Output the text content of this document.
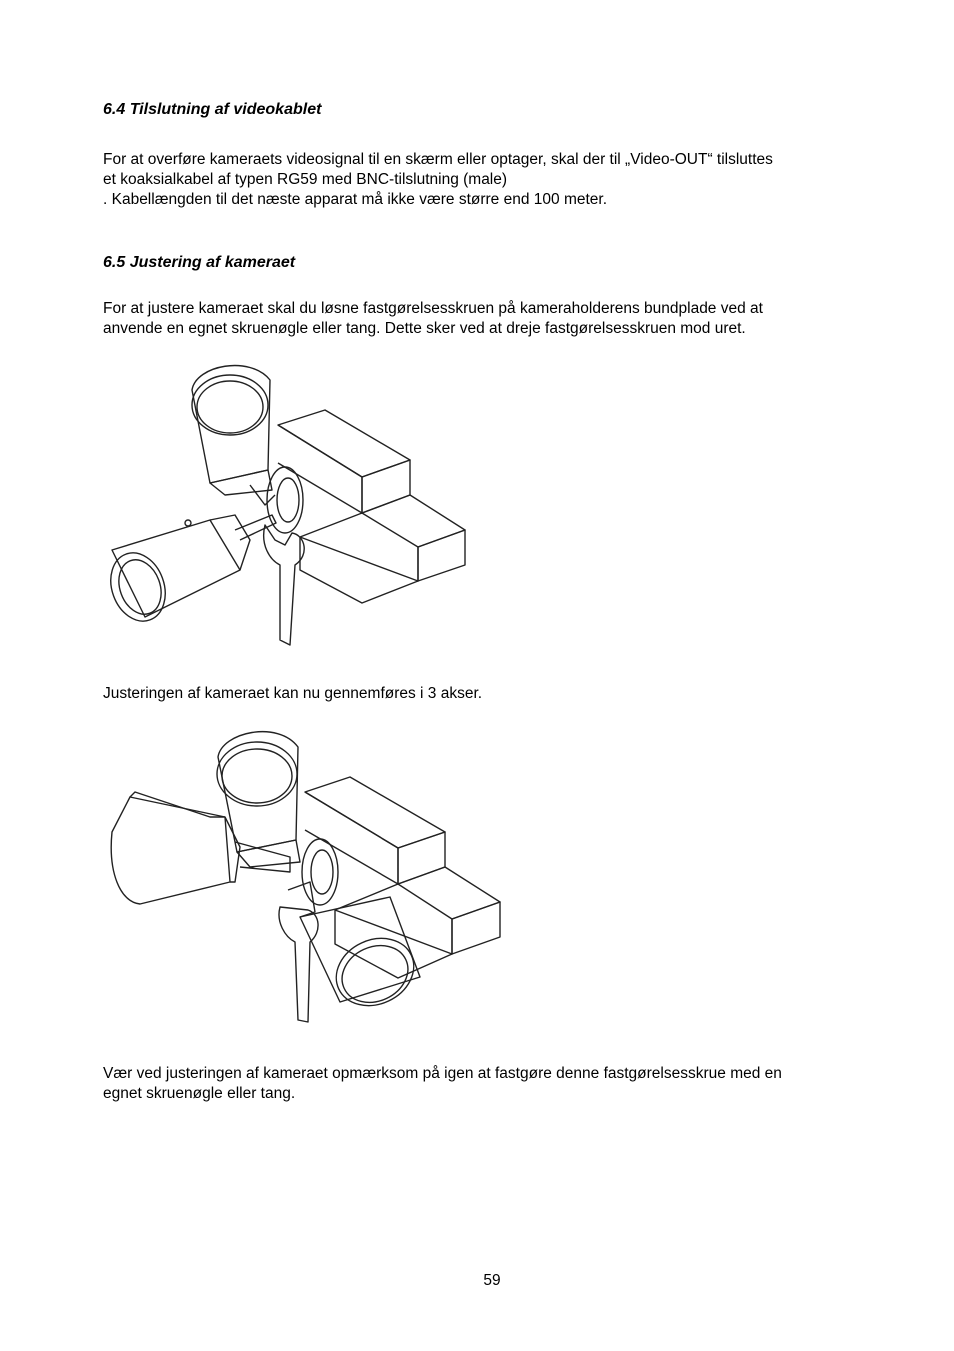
6.4 Tilslutning af videokablet

For at overføre kameraets videosignal til en skærm eller optager, skal der til „Video-OUT“ tilsluttes
et koaksialkabel af typen RG59 med BNC-tilslutning (male)
. Kabellængden til det næste apparat må ikke være større end 100 meter.

6.5 Justering af kameraet

For at justere kameraet skal du løsne fastgørelsesskruen på kameraholderens bundplade ved at
anvende en egnet skruenøgle eller tang. Dette sker ved at dreje fastgørelsesskruen mod uret.

Justeringen af kameraet kan nu gennemføres i 3 akser.

Vær ved justeringen af kameraet opmærksom på igen at fastgøre denne fastgørelsesskrue med en
egnet skruenøgle eller tang.

59
